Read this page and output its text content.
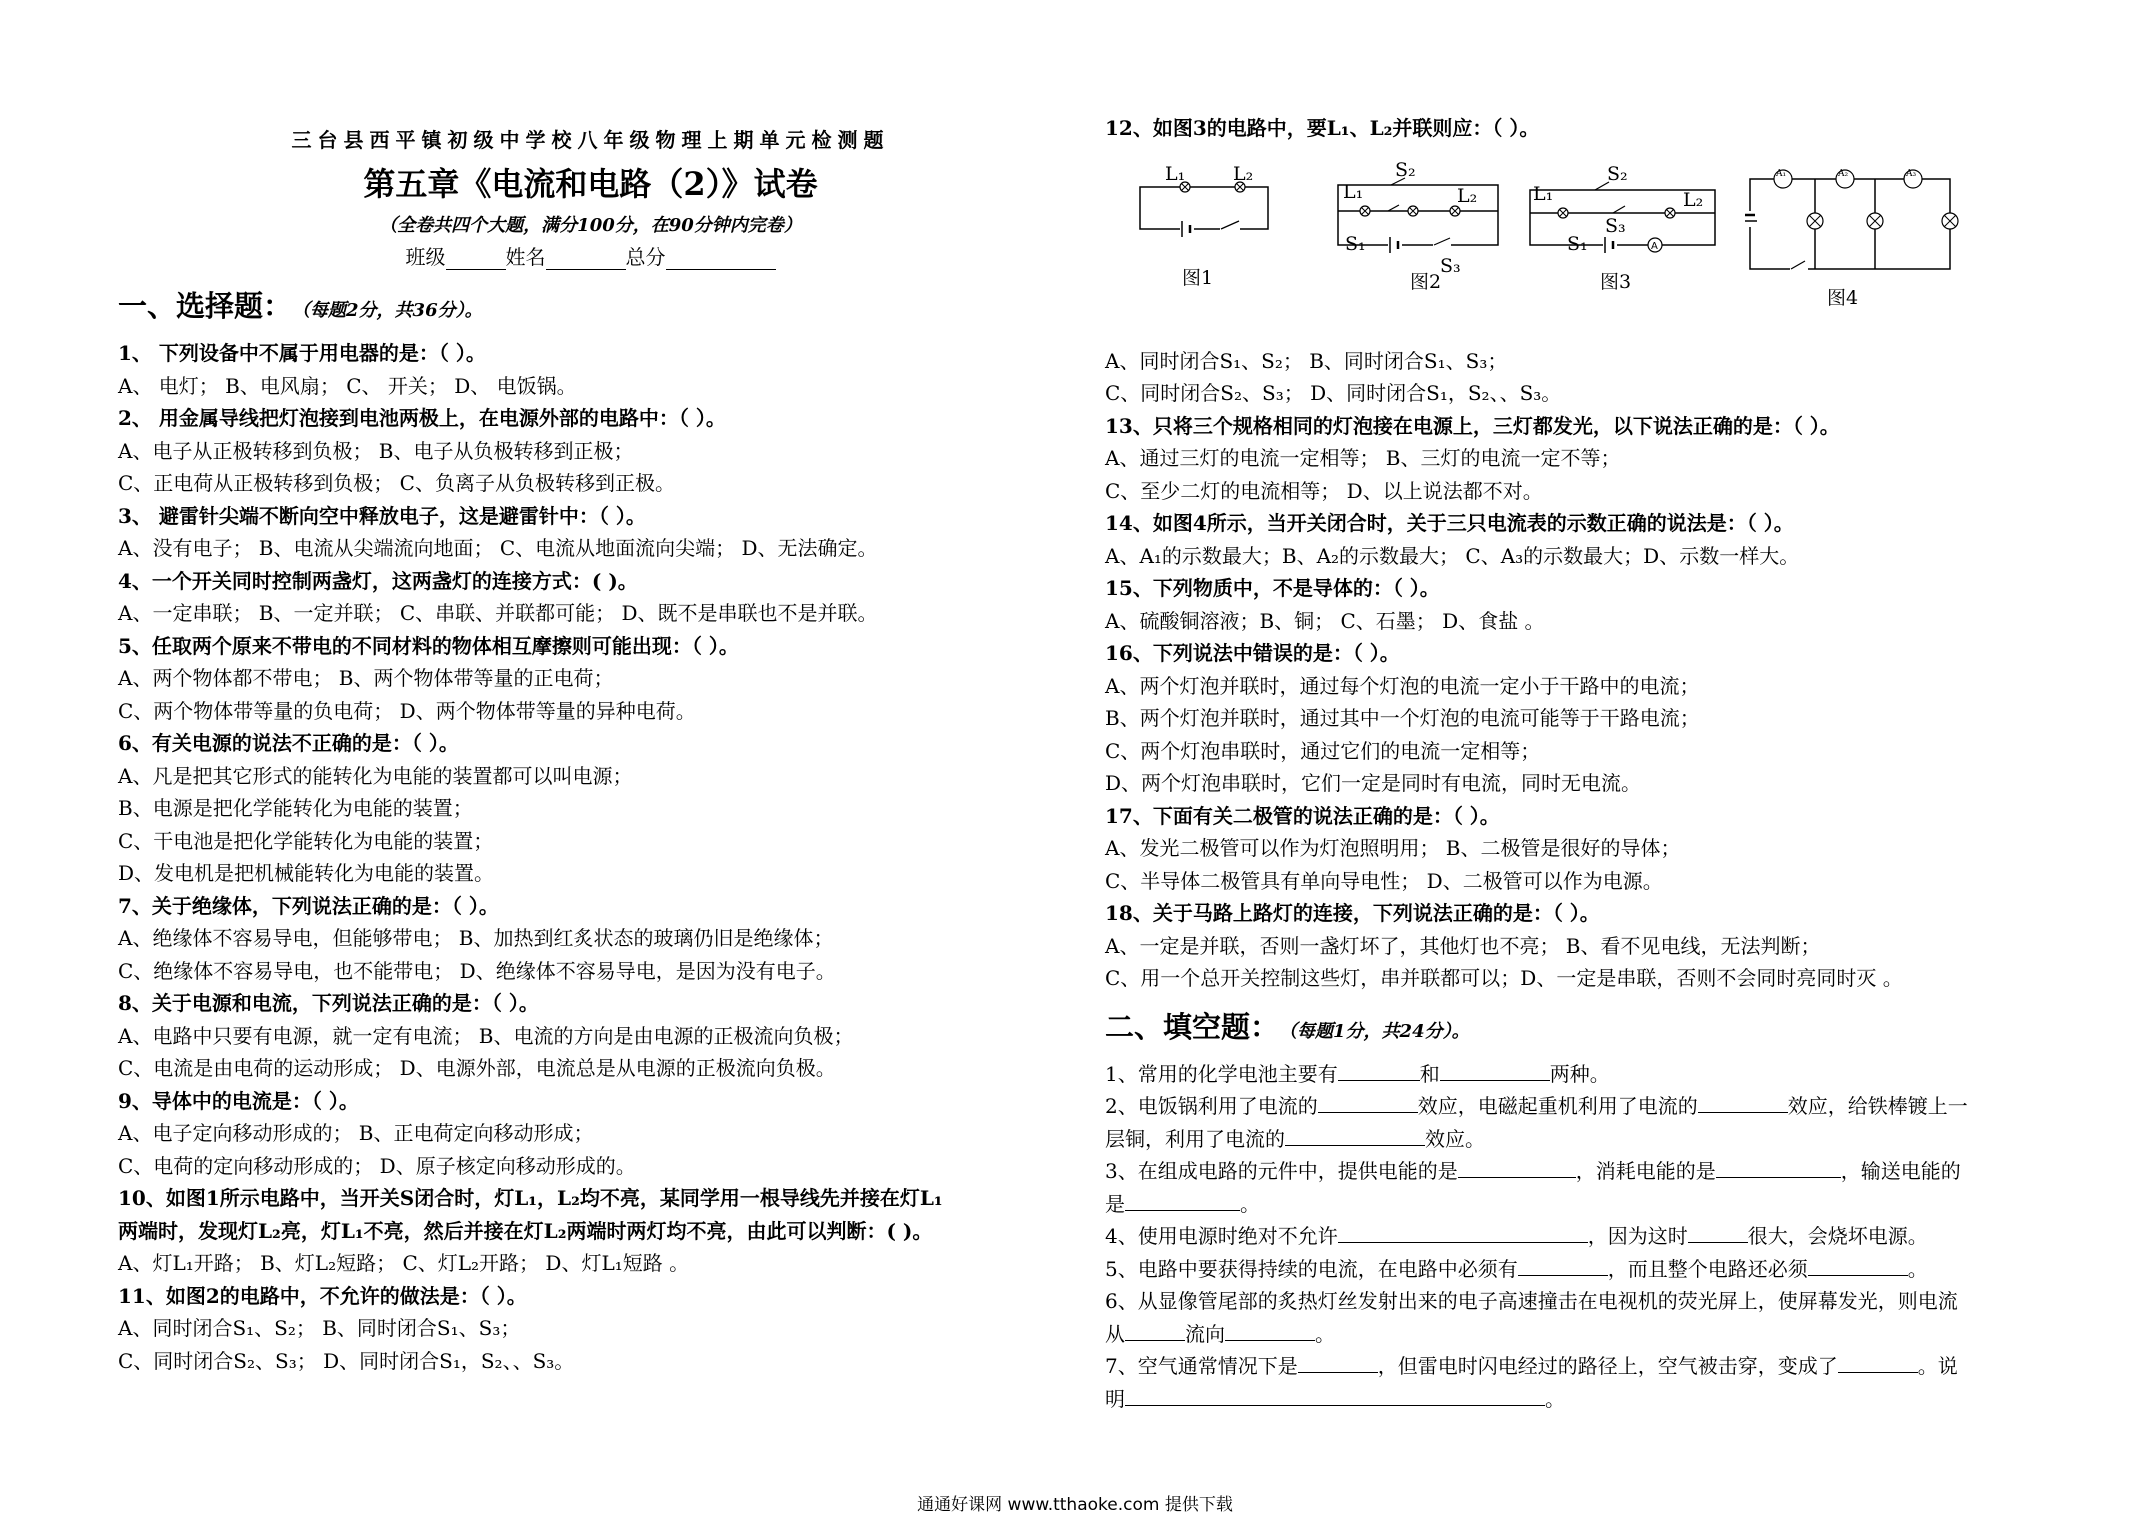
三台县西平镇初级中学校八年级物理上期单元检测题

第五章《电流和电路（2）》试卷

（全卷共四个大题，满分100分，在90分钟内完卷）

班级	姓名	总分

一、选择题：（每题2分，共36分）。

1、 下列设备中不属于用电器的是：（ ）。

A、 电灯； B、电风扇； C、 开关； D、 电饭锅。

2、 用金属导线把灯泡接到电池两极上，在电源外部的电路中：（ ）。

A、电子从正极转移到负极； B、电子从负极转移到正极；

C、正电荷从正极转移到负极； C、负离子从负极转移到正极。

3、 避雷针尖端不断向空中释放电子，这是避雷针中：（ ）。

A、没有电子； B、电流从尖端流向地面； C、电流从地面流向尖端； D、无法确定。

4、一个开关同时控制两盏灯，这两盏灯的连接方式：( )。

A、一定串联； B、一定并联； C、串联、并联都可能； D、既不是串联也不是并联。

5、任取两个原来不带电的不同材料的物体相互摩擦则可能出现：（ ）。

A、两个物体都不带电； B、两个物体带等量的正电荷；

C、两个物体带等量的负电荷； D、两个物体带等量的异种电荷。

6、有关电源的说法不正确的是：（ ）。

A、凡是把其它形式的能转化为电能的装置都可以叫电源；

B、电源是把化学能转化为电能的装置；

C、干电池是把化学能转化为电能的装置；

D、发电机是把机械能转化为电能的装置。

7、关于绝缘体，下列说法正确的是：（ ）。

A、绝缘体不容易导电，但能够带电； B、加热到红炙状态的玻璃仍旧是绝缘体；

C、绝缘体不容易导电，也不能带电； D、绝缘体不容易导电，是因为没有电子。

8、关于电源和电流，下列说法正确的是：（ ）。

A、电路中只要有电源，就一定有电流； B、电流的方向是由电源的正极流向负极；

C、电流是由电荷的运动形成； D、电源外部，电流总是从电源的正极流向负极。

9、导体中的电流是：（ ）。

A、电子定向移动形成的； B、正电荷定向移动形成；

C、电荷的定向移动形成的； D、原子核定向移动形成的。

10、如图1所示电路中，当开关S闭合时，灯L₁，L₂均不亮，某同学用一根导线先并接在灯L₁

两端时，发现灯L₂亮，灯L₁不亮，然后并接在灯L₂两端时两灯均不亮，由此可以判断：( )。

A、灯L₁开路； B、灯L₂短路； C、灯L₂开路； D、灯L₁短路 。

11、如图2的电路中，不允许的做法是：（ ）。

A、同时闭合S₁、S₂； B、同时闭合S₁、S₃；

C、同时闭合S₂、S₃； D、同时闭合S₁，S₂、、S₃。

12、如图3的电路中，要L₁、L₂并联则应：（ ）。

L₁	L₂
图1
L₁	L₂
S₂
S₁
S₃
图2
A
L₁	L₂
S₂
S₃
S₁
图3
A₁	A₂	A₃
图4

A、同时闭合S₁、S₂； B、同时闭合S₁、S₃；

C、同时闭合S₂、S₃； D、同时闭合S₁，S₂、、S₃。

13、只将三个规格相同的灯泡接在电源上，三灯都发光，以下说法正确的是：（ ）。

A、通过三灯的电流一定相等； B、三灯的电流一定不等；

C、至少二灯的电流相等； D、以上说法都不对。

14、如图4所示，当开关闭合时，关于三只电流表的示数正确的说法是：（ ）。

A、A₁的示数最大；B、A₂的示数最大； C、A₃的示数最大；D、示数一样大。

15、下列物质中，不是导体的：（ ）。

A、硫酸铜溶液；B、铜； C、石墨； D、食盐 。

16、下列说法中错误的是：（ ）。

A、两个灯泡并联时，通过每个灯泡的电流一定小于干路中的电流；

B、两个灯泡并联时，通过其中一个灯泡的电流可能等于干路电流；

C、两个灯泡串联时，通过它们的电流一定相等；

D、两个灯泡串联时，它们一定是同时有电流，同时无电流。

17、下面有关二极管的说法正确的是：（ ）。

A、发光二极管可以作为灯泡照明用； B、二极管是很好的导体；

C、半导体二极管具有单向导电性； D、二极管可以作为电源。

18、关于马路上路灯的连接，下列说法正确的是：（ ）。

A、一定是并联，否则一盏灯坏了，其他灯也不亮； B、看不见电线，无法判断；

C、用一个总开关控制这些灯，串并联都可以；D、一定是串联，否则不会同时亮同时灭 。

二、填空题：（每题1分，共24分）。

1、常用的化学电池主要有	和	两种。

2、电饭锅利用了电流的	效应，电磁起重机利用了电流的	效应，给铁棒镀上一

层铜，利用了电流的	效应。

3、在组成电路的元件中，提供电能的是	，消耗电能的是	，输送电能的

是	。

4、使用电源时绝对不允许	，因为这时	很大，会烧坏电源。

5、电路中要获得持续的电流，在电路中必须有	，而且整个电路还必须	。

6、从显像管尾部的炙热灯丝发射出来的电子高速撞击在电视机的荧光屏上，使屏幕发光，则电流

从	流向	。

7、空气通常情况下是	，但雷电时闪电经过的路径上，空气被击穿，变成了	。说

明	。

通通好课网 www.tthaoke.com 提供下载
